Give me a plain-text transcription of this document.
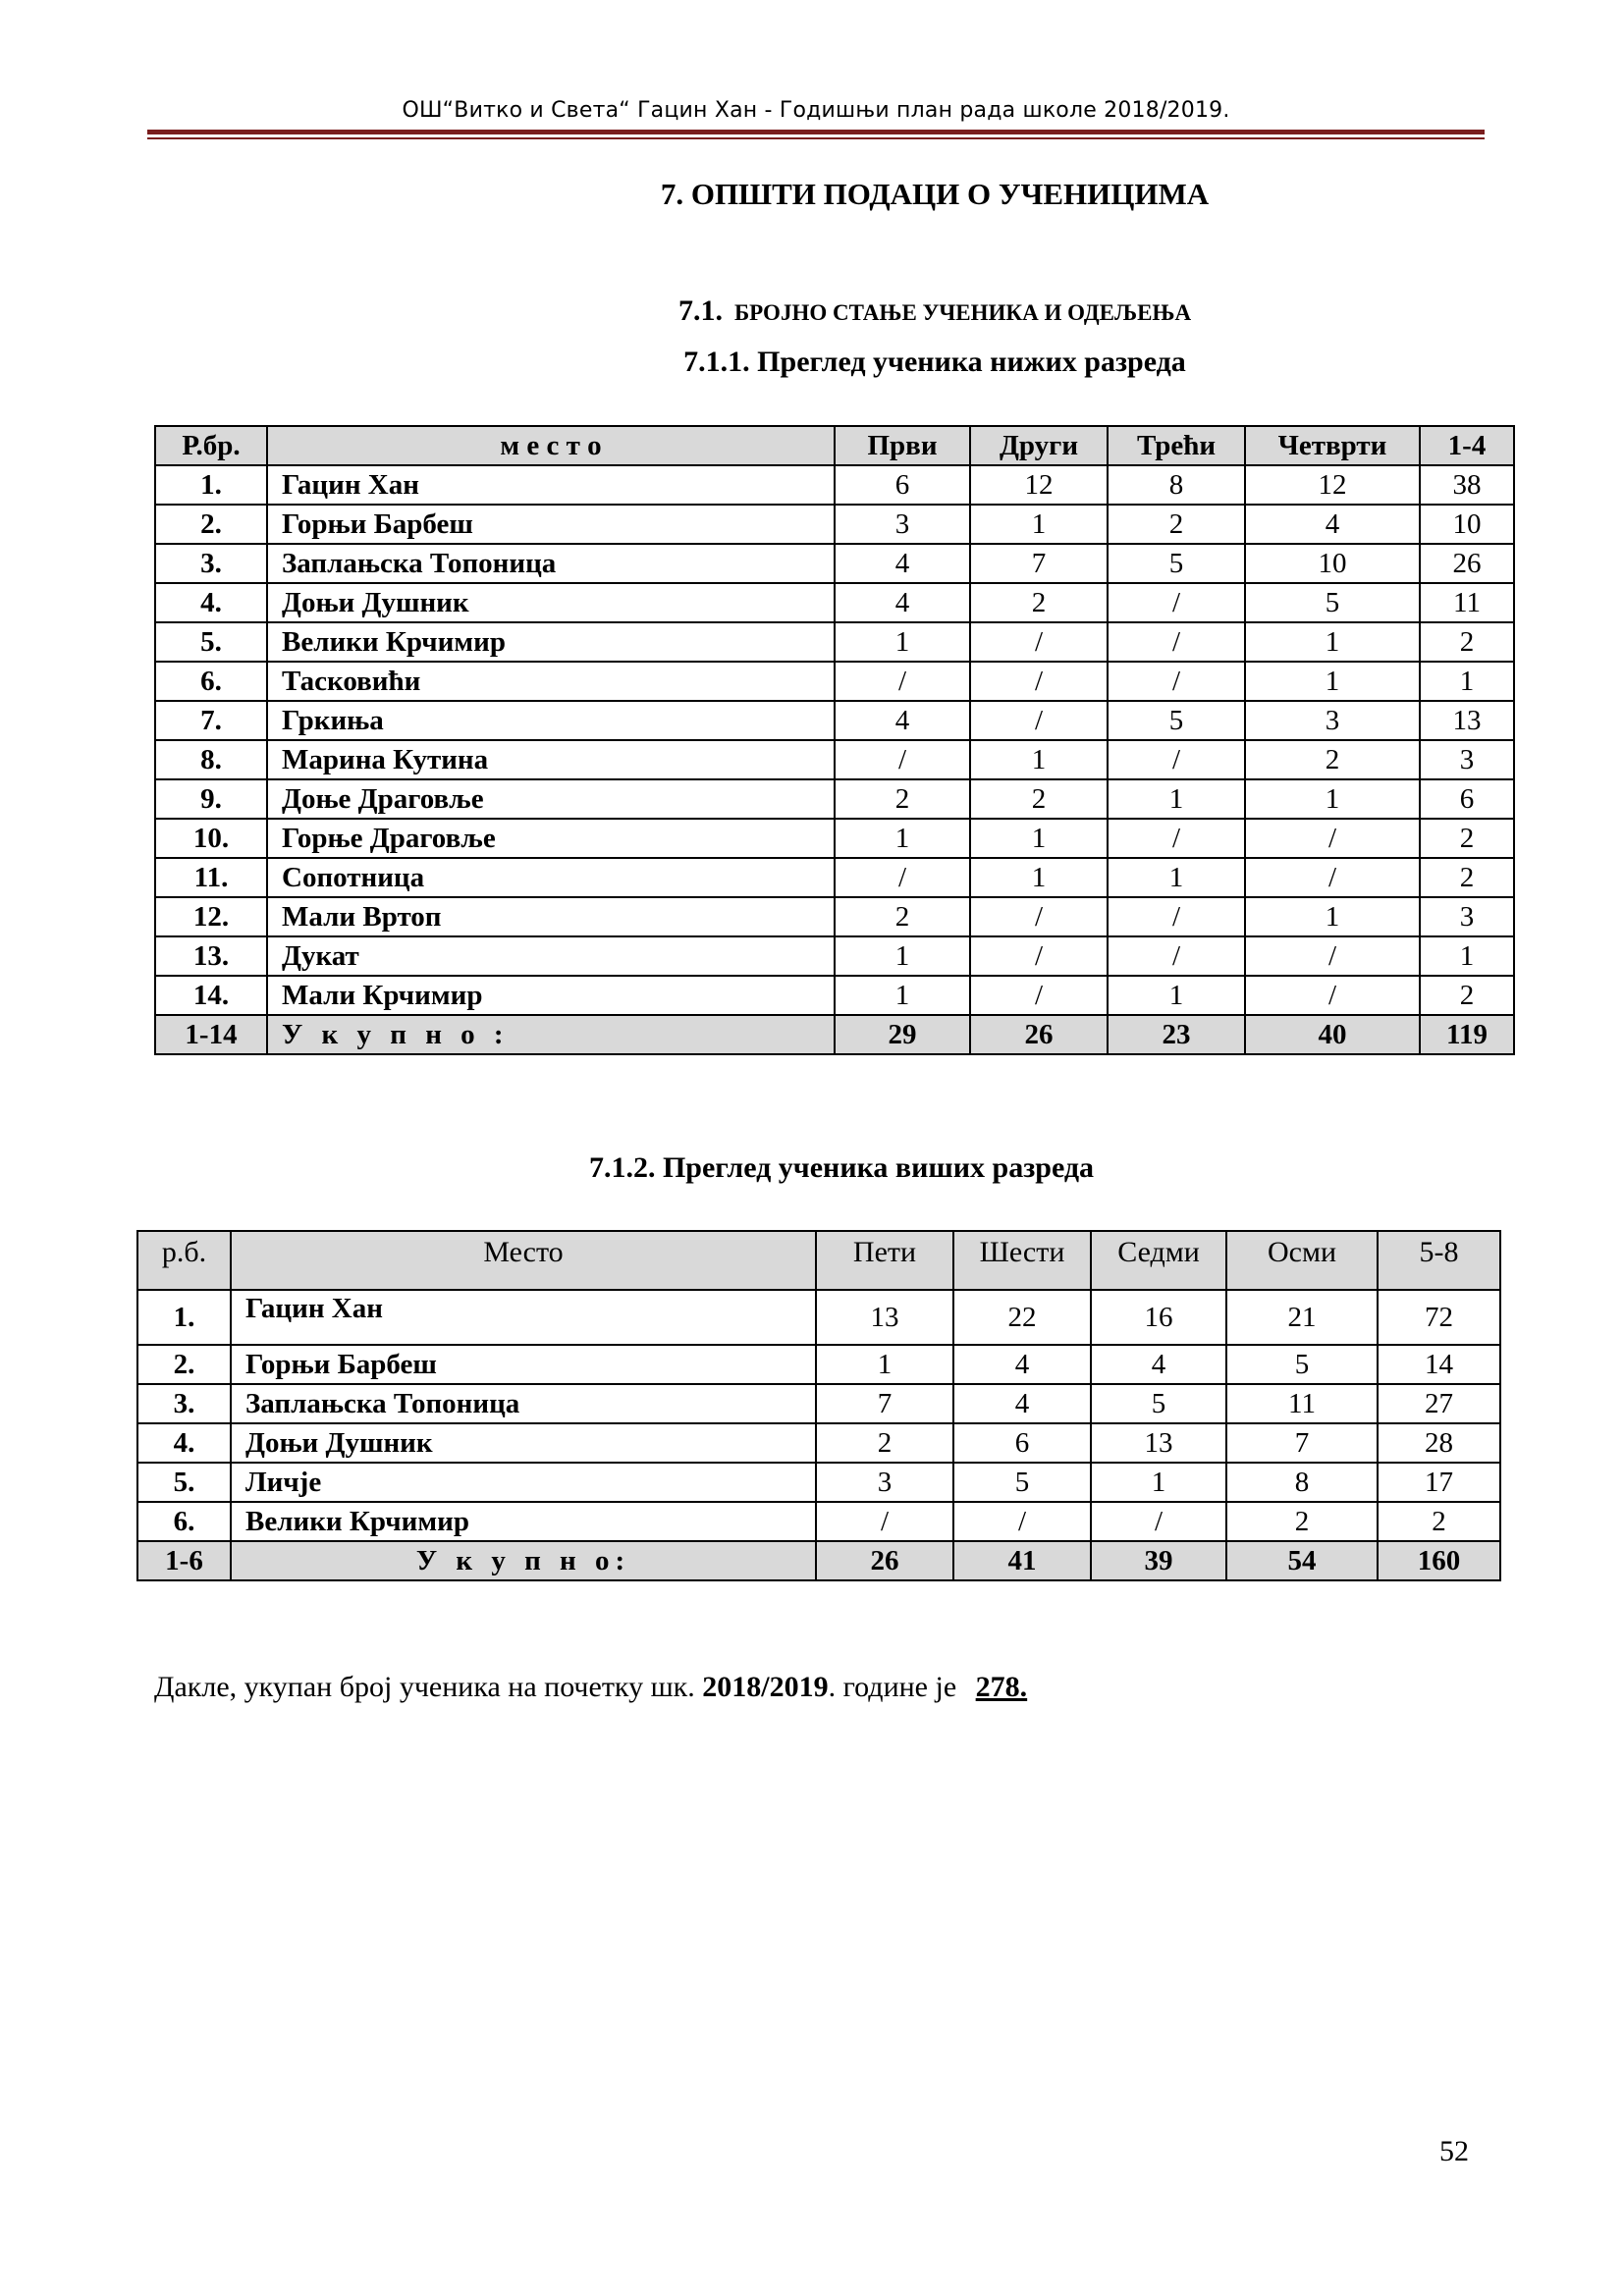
ОШ“Витко и Света“ Гацин Хан - Годишњи план рада школе 2018/2019.
7. ОПШТИ ПОДАЦИ О УЧЕНИЦИМА
7.1. БРОЈНО СТАЊЕ УЧЕНИКА И ОДЕЉЕЊА
7.1.1. Преглед ученика нижих разреда
Р.бр.	м е с т о	Први	Други	Трећи	Четврти	1-4
1.	Гацин Хан	6	12	8	12	38
2.	Горњи Барбеш	3	1	2	4	10
3.	Заплањска Топоница	4	7	5	10	26
4.	Доњи Душник	4	2	/	5	11
5.	Велики Крчимир	1	/	/	1	2
6.	Тасковићи	/	/	/	1	1
7.	Гркиња	4	/	5	3	13
8.	Марина Кутина	/	1	/	2	3
9.	Доње Драговље	2	2	1	1	6
10.	Горње Драговље	1	1	/	/	2
11.	Сопотница	/	1	1	/	2
12.	Мали Вртоп	2	/	/	1	3
13.	Дукат	1	/	/	/	1
14.	Мали Крчимир	1	/	1	/	2
1-14	У к у п н о :	29	26	23	40	119
7.1.2. Преглед ученика виших разреда
р.б.	Место	Пети	Шести	Седми	Осми	5-8
1.	Гацин Хан	13	22	16	21	72
2.	Горњи Барбеш	1	4	4	5	14
3.	Заплањска Топоница	7	4	5	11	27
4.	Доњи Душник	2	6	13	7	28
5.	Личје	3	5	1	8	17
6.	Велики Крчимир	/	/	/	2	2
1-6	У к у п н о:	26	41	39	54	160
Дакле, укупан број ученика на почетку шк. 2018/2019. године је 278.
52
